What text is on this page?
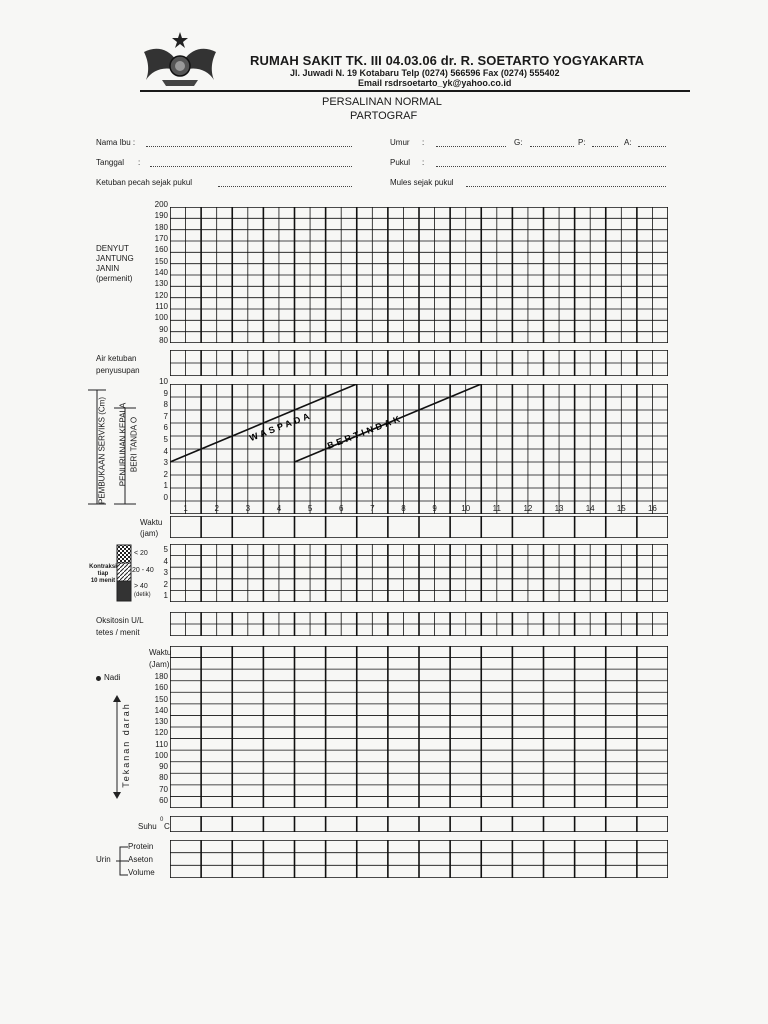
RUMAH SAKIT TK. III 04.03.06 dr. R. SOETARTO YOGYAKARTA
Jl. Juwadi N. 19 Kotabaru Telp (0274) 566596 Fax (0274) 555402
Email rsdrsoetarto_yk@yahoo.co.id
PERSALINAN NORMAL
PARTOGRAF
Nama Ibu :	Umur :	G:	P:	A:
Tanggal :	Pukul :
Ketuban pecah sejak pukul	Mules sejak pukul
DENYUT
JANTUNG
JANIN
(permenit)
200
190
180
170
160
150
140
130
120
110
100
90
80
Air ketuban
penyusupan
PEMBUKAAN SERVIKS (Cm) PENURUNAN KEPALA BERI TANDA O
10
9
8
7
6
5
4
3
2
1
0
WASPADA BERTINDAK
1	2	3	4	5	6	7	8	9	10	11	12	13	14	15	16
Waktu
(jam)
< 20
20 - 40
> 40
(detik)
Kontraksi
tiap
10 menit
5
4
3
2
1
Oksitosin U/L
tetes / menit
Waktu
(Jam)
Nadi
Tekanan darah
180
160
150
140
130
120
110
100
90
80
70
60
Suhu
0
C
Urin
Protein
Aseton
Volume
